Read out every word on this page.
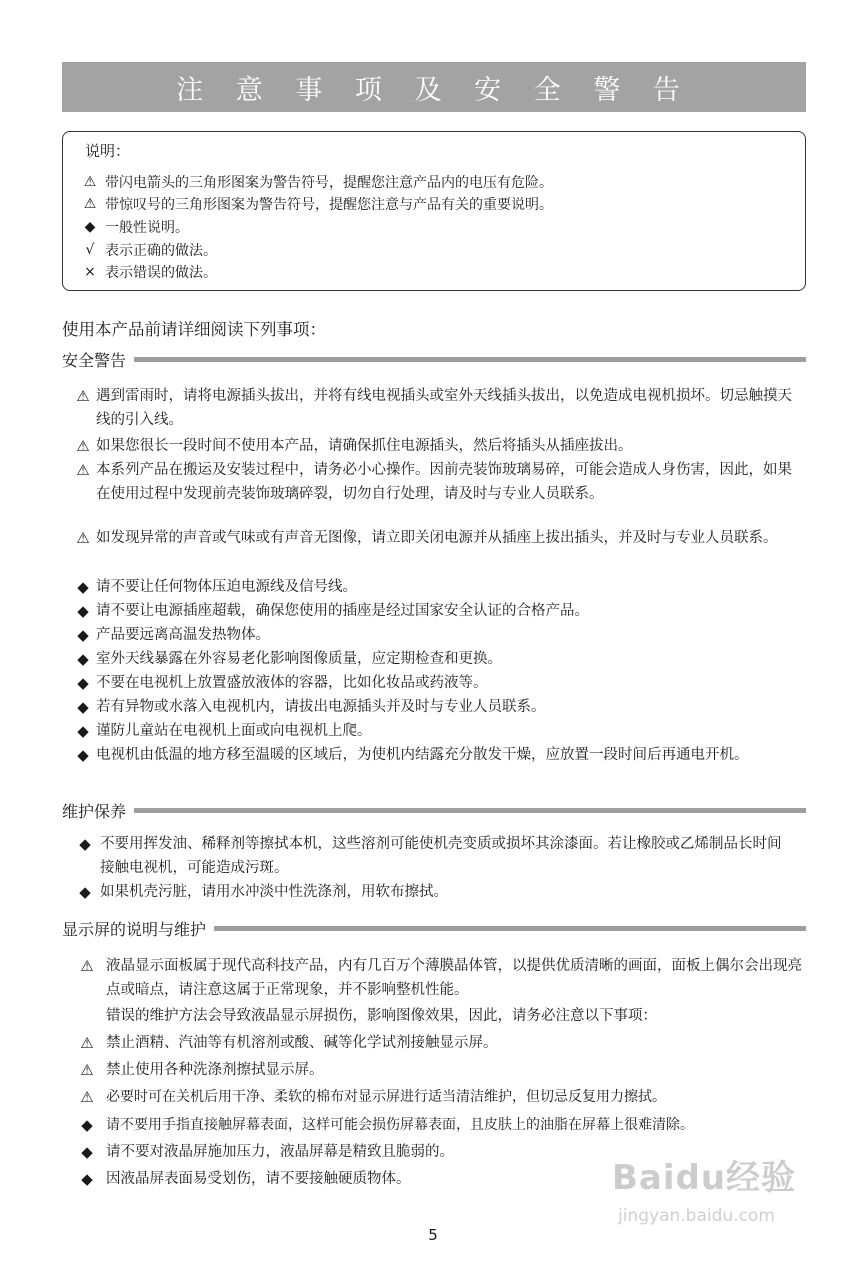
注 意 事 项 及 安 全 警 告
说明：
⚠ 带闪电箭头的三角形图案为警告符号，提醒您注意产品内的电压有危险。
⚠ 带惊叹号的三角形图案为警告符号，提醒您注意与产品有关的重要说明。
◆ 一般性说明。
√ 表示正确的做法。
× 表示错误的做法。
使用本产品前请详细阅读下列事项：
安全警告
⚠ 遇到雷雨时，请将电源插头拔出，并将有线电视插头或室外天线插头拔出，以免造成电视机损坏。切忌触摸天线的引入线。
⚠ 如果您很长一段时间不使用本产品，请确保抓住电源插头，然后将插头从插座拔出。
⚠ 本系列产品在搬运及安装过程中，请务必小心操作。因前壳装饰玻璃易碎，可能会造成人身伤害，因此，如果在使用过程中发现前壳装饰玻璃碎裂，切勿自行处理，请及时与专业人员联系。
⚠ 如发现异常的声音或气味或有声音无图像，请立即关闭电源并从插座上拔出插头，并及时与专业人员联系。
◆ 请不要让任何物体压迫电源线及信号线。
◆ 请不要让电源插座超载，确保您使用的插座是经过国家安全认证的合格产品。
◆ 产品要远离高温发热物体。
◆ 室外天线暴露在外容易老化影响图像质量，应定期检查和更换。
◆ 不要在电视机上放置盛放液体的容器，比如化妆品或药液等。
◆ 若有异物或水落入电视机内，请拔出电源插头并及时与专业人员联系。
◆ 谨防儿童站在电视机上面或向电视机上爬。
◆ 电视机由低温的地方移至温暖的区域后，为使机内结露充分散发干燥，应放置一段时间后再通电开机。
维护保养
◆ 不要用挥发油、稀释剂等擦拭本机，这些溶剂可能使机壳变质或损坏其涂漆面。若让橡胶或乙烯制品长时间接触电视机，可能造成污斑。
◆ 如果机壳污脏，请用水冲淡中性洗涤剂，用软布擦拭。
显示屏的说明与维护
⚠ 液晶显示面板属于现代高科技产品，内有几百万个薄膜晶体管，以提供优质清晰的画面，面板上偶尔会出现亮点或暗点，请注意这属于正常现象，并不影响整机性能。
错误的维护方法会导致液晶显示屏损伤，影响图像效果，因此，请务必注意以下事项：
⚠ 禁止酒精、汽油等有机溶剂或酸、碱等化学试剂接触显示屏。
⚠ 禁止使用各种洗涤剂擦拭显示屏。
⚠ 必要时可在关机后用干净、柔软的棉布对显示屏进行适当清洁维护，但切忌反复用力擦拭。
◆ 请不要用手指直接触屏幕表面，这样可能会损伤屏幕表面，且皮肤上的油脂在屏幕上很难清除。
◆ 请不要对液晶屏施加压力，液晶屏幕是精致且脆弱的。
◆ 因液晶屏表面易受划伤，请不要接触硬质物体。
5
Baidu经验
jingyan.baidu.com
